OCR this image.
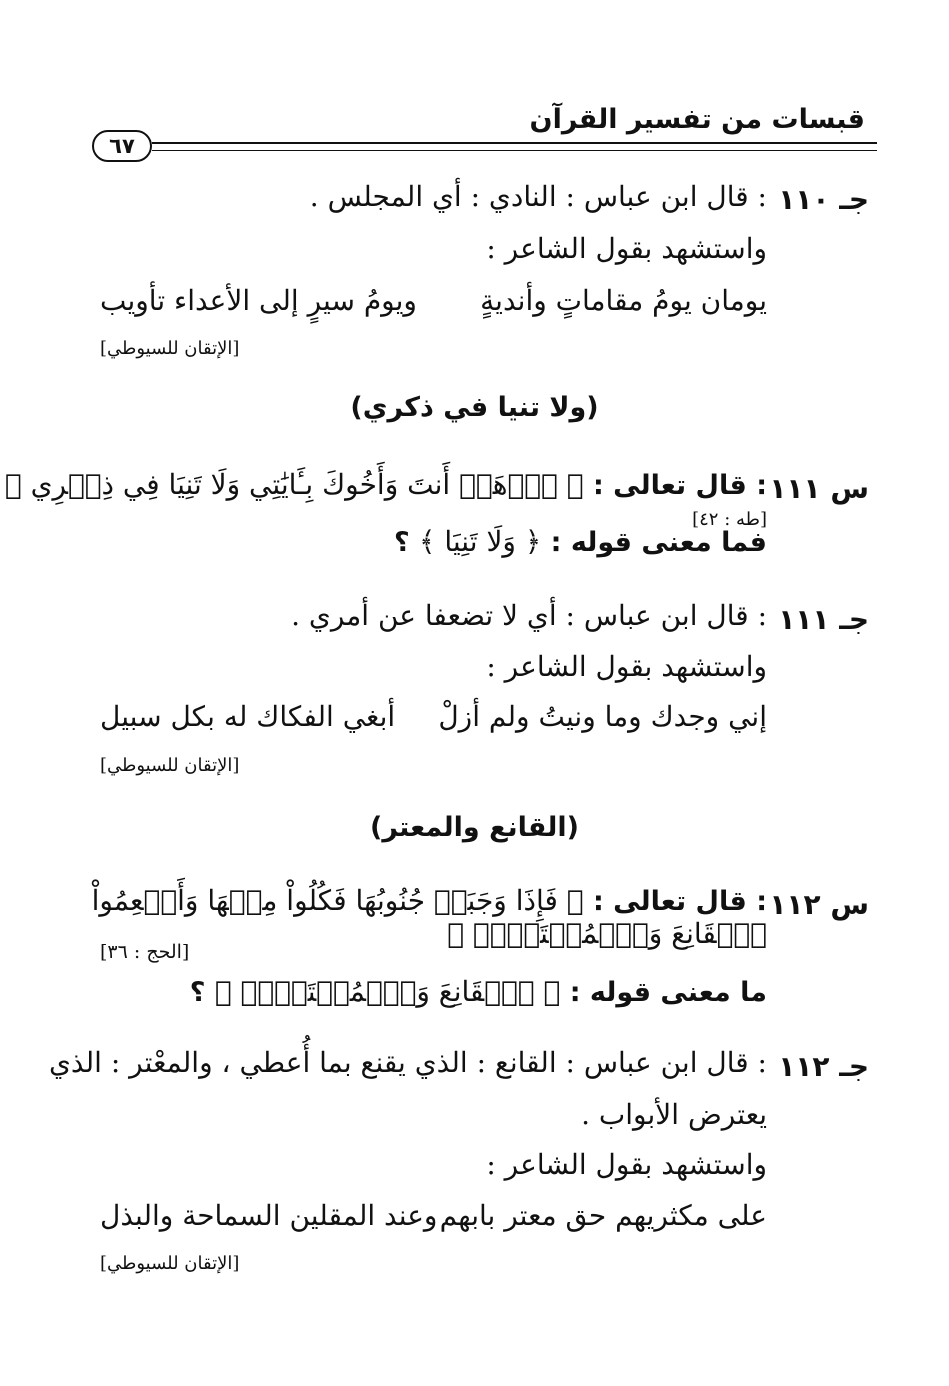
قبسات من تفسير القرآن
٦٧
جـ ١١٠
: قال ابن عباس : النادي : أي المجلس .
واستشهد بقول الشاعر :
يومان يومُ مقاماتٍ وأنديةٍ
ويومُ سيرٍ إلى الأعداء تأويب
[الإتقان للسيوطي]
(ولا تنيا في ذكري)
س ١١١
: قال تعالى : ﴿ ٱذۡهَبۡ أَنتَ وَأَخُوكَ بِـَٔايَٰتِي وَلَا تَنِيَا فِي ذِكۡرِي ﴾ [طه : ٤٢]
فما معنى قوله : ﴿ وَلَا تَنِيَا ﴾ ؟
جـ ١١١
: قال ابن عباس : أي لا تضعفا عن أمري .
واستشهد بقول الشاعر :
إني وجدك وما ونيتُ ولم أزلْ
أبغي الفكاك له بكل سبيل
[الإتقان للسيوطي]
(القانع والمعتر)
س ١١٢
: قال تعالى : ﴿ فَإِذَا وَجَبَتۡ جُنُوبُهَا فَكُلُواْ مِنۡهَا وَأَطۡعِمُواْ ٱلۡقَانِعَ وَٱلۡمُعۡتَرَّۚ ﴾
[الحج : ٣٦]
ما معنى قوله : ﴿ ٱلۡقَانِعَ وَٱلۡمُعۡتَرَّۚ ﴾ ؟
جـ ١١٢
: قال ابن عباس : القانع : الذي يقنع بما أُعطي ، والمعْتر : الذي
يعترض الأبواب .
واستشهد بقول الشاعر :
على مكثريهم حق معتر بابهم
وعند المقلين السماحة والبذل
[الإتقان للسيوطي]
